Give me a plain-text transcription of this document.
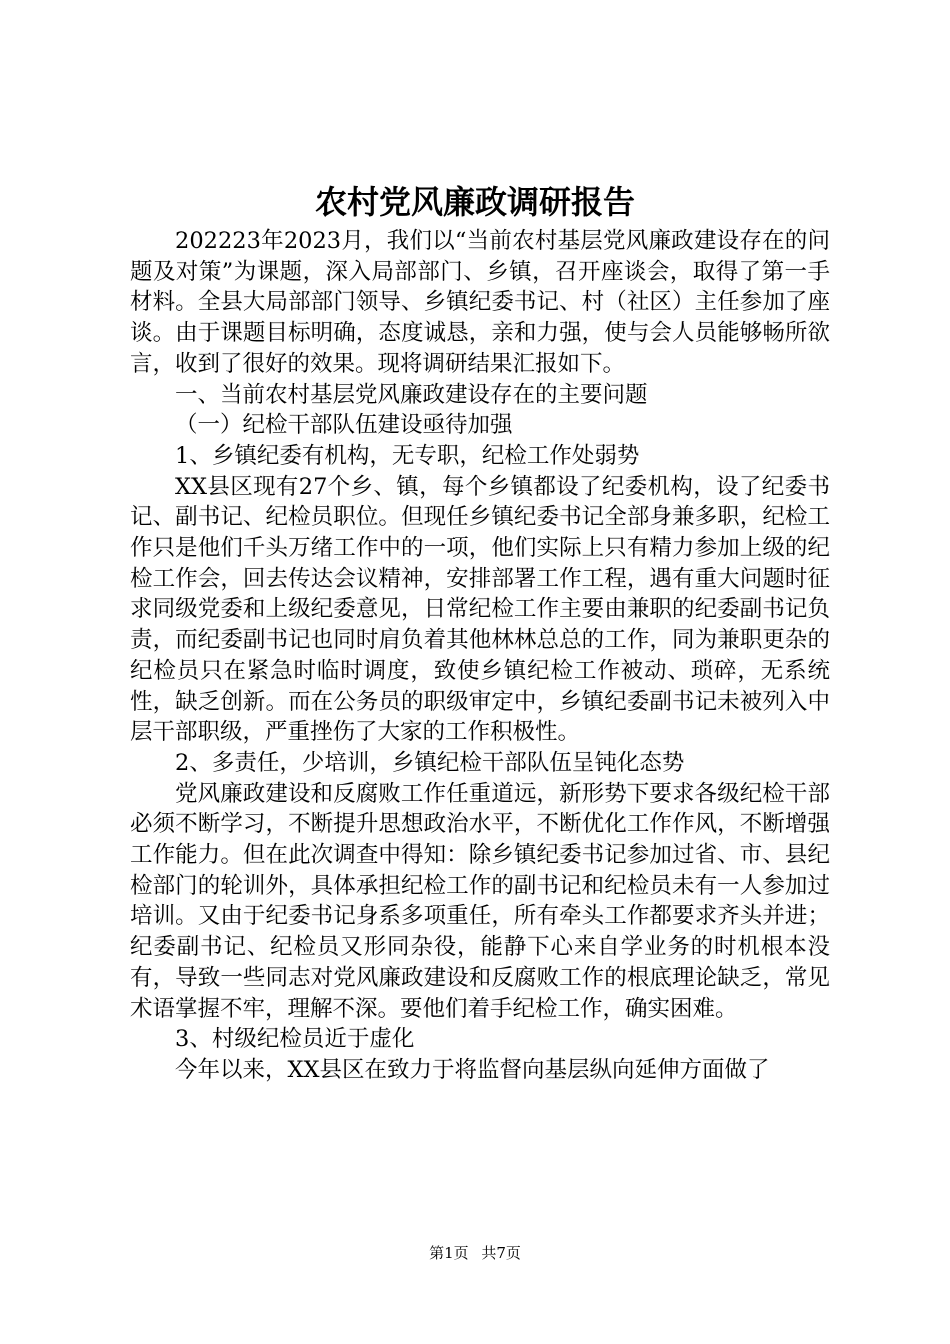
农村党风廉政调研报告

202223年2023月，我们以“当前农村基层党风廉政建设存在的问题及对策”为课题，深入局部部门、乡镇，召开座谈会，取得了第一手材料。全县大局部部门领导、乡镇纪委书记、村（社区）主任参加了座谈。由于课题目标明确，态度诚恳，亲和力强，使与会人员能够畅所欲言，收到了很好的效果。现将调研结果汇报如下。

一、当前农村基层党风廉政建设存在的主要问题

（一）纪检干部队伍建设亟待加强

1、乡镇纪委有机构，无专职，纪检工作处弱势

XX县区现有27个乡、镇，每个乡镇都设了纪委机构，设了纪委书记、副书记、纪检员职位。但现任乡镇纪委书记全部身兼多职，纪检工作只是他们千头万绪工作中的一项，他们实际上只有精力参加上级的纪检工作会，回去传达会议精神，安排部署工作工程，遇有重大问题时征求同级党委和上级纪委意见，日常纪检工作主要由兼职的纪委副书记负责，而纪委副书记也同时肩负着其他林林总总的工作，同为兼职更杂的纪检员只在紧急时临时调度，致使乡镇纪检工作被动、琐碎，无系统性，缺乏创新。而在公务员的职级审定中，乡镇纪委副书记未被列入中层干部职级，严重挫伤了大家的工作积极性。

2、多责任，少培训，乡镇纪检干部队伍呈钝化态势

党风廉政建设和反腐败工作任重道远，新形势下要求各级纪检干部必须不断学习，不断提升思想政治水平，不断优化工作作风，不断增强工作能力。但在此次调查中得知：除乡镇纪委书记参加过省、市、县纪检部门的轮训外，具体承担纪检工作的副书记和纪检员未有一人参加过培训。又由于纪委书记身系多项重任，所有牵头工作都要求齐头并进；纪委副书记、纪检员又形同杂役，能静下心来自学业务的时机根本没有，导致一些同志对党风廉政建设和反腐败工作的根底理论缺乏，常见术语掌握不牢，理解不深。要他们着手纪检工作，确实困难。

3、村级纪检员近于虚化

今年以来，XX县区在致力于将监督向基层纵向延伸方面做了

第1页 共7页
